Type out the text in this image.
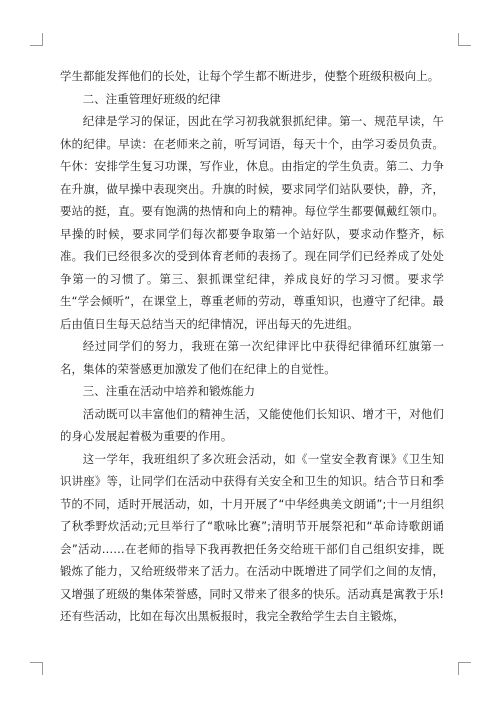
学生都能发挥他们的长处，让每个学生都不断进步，使整个班级积极向上。

二、注重管理好班级的纪律

纪律是学习的保证，因此在学习初我就狠抓纪律。第一、规范早读，午休的纪律。早读：在老师来之前，听写词语，每天十个，由学习委员负责。午休：安排学生复习功课，写作业，休息。由指定的学生负责。第二、力争在升旗，做早操中表现突出。升旗的时候，要求同学们站队要快，静，齐，要站的挺，直。要有饱满的热情和向上的精神。每位学生都要佩戴红领巾。早操的时候，要求同学们每次都要争取第一个站好队，要求动作整齐，标准。我们已经很多次的受到体育老师的表扬了。现在同学们已经养成了处处争第一的习惯了。第三、狠抓课堂纪律，养成良好的学习习惯。要求学生“学会倾听”，在课堂上，尊重老师的劳动，尊重知识，也遵守了纪律。最后由值日生每天总结当天的纪律情况，评出每天的先进组。

经过同学们的努力，我班在第一次纪律评比中获得纪律循环红旗第一名，集体的荣誉感更加激发了他们在纪律上的自觉性。

三、注重在活动中培养和锻炼能力

活动既可以丰富他们的精神生活，又能使他们长知识、增才干，对他们的身心发展起着极为重要的作用。

这一学年，我班组织了多次班会活动，如《一堂安全教育课》《卫生知识讲座》等，让同学们在活动中获得有关安全和卫生的知识。结合节日和季节的不同，适时开展活动，如，十月开展了“中华经典美文朗诵”;十一月组织了秋季野炊活动;元旦举行了“歌咏比赛”;清明节开展祭祀和“革命诗歌朗诵会”活动……在老师的指导下我再教把任务交给班干部们自己组织安排，既锻炼了能力，又给班级带来了活力。在活动中既增进了同学们之间的友情，又增强了班级的集体荣誉感，同时又带来了很多的快乐。活动真是寓教于乐!还有些活动，比如在每次出黑板报时，我完全教给学生去自主锻炼，
